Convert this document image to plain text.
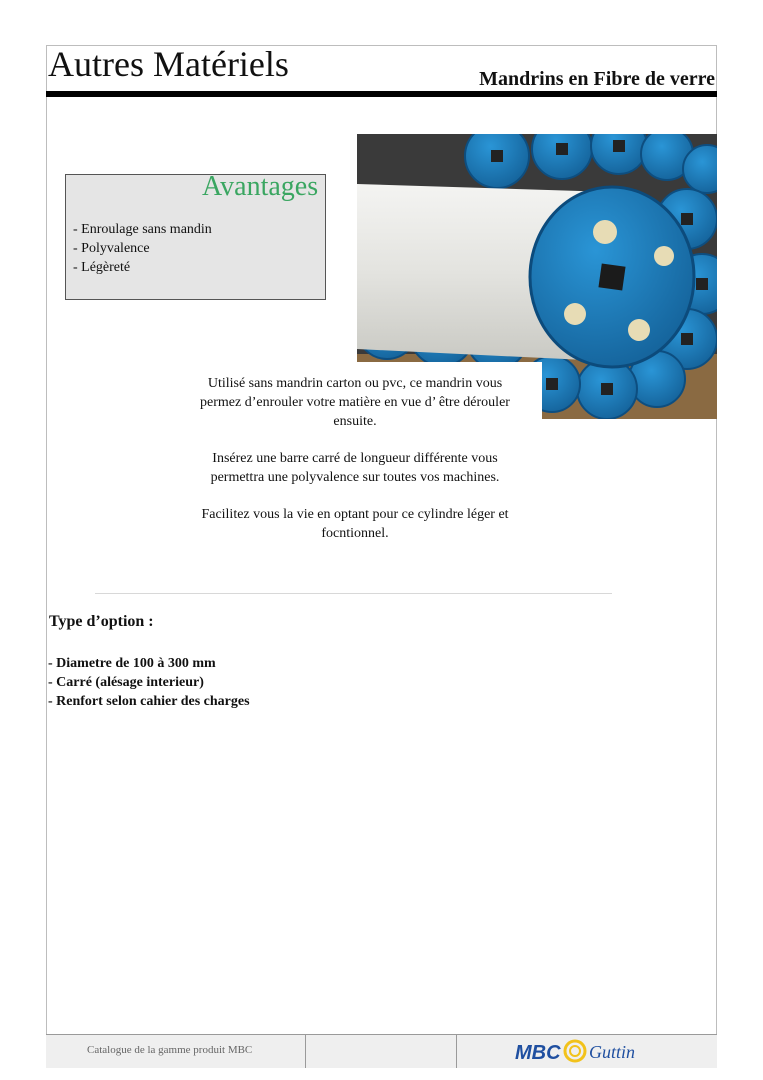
Autres Matériels	Mandrins en Fibre de verre
Avantages
- Enroulage sans mandin
- Polyvalence
- Légèreté

Utilisé sans mandrin carton ou pvc, ce mandrin vous permez d’enrouler votre matière en vue d’ être dérouler ensuite.

Insérez une barre carré de longueur différente vous permettra une polyvalence sur toutes vos machines.

Facilitez vous la vie en optant pour ce cylindre léger et focntionnel.

Type d’option :
- Diametre de 100 à 300 mm
- Carré (alésage interieur)
- Renfort selon cahier des charges
Catalogue de la gamme produit MBC	MBC Guttin
